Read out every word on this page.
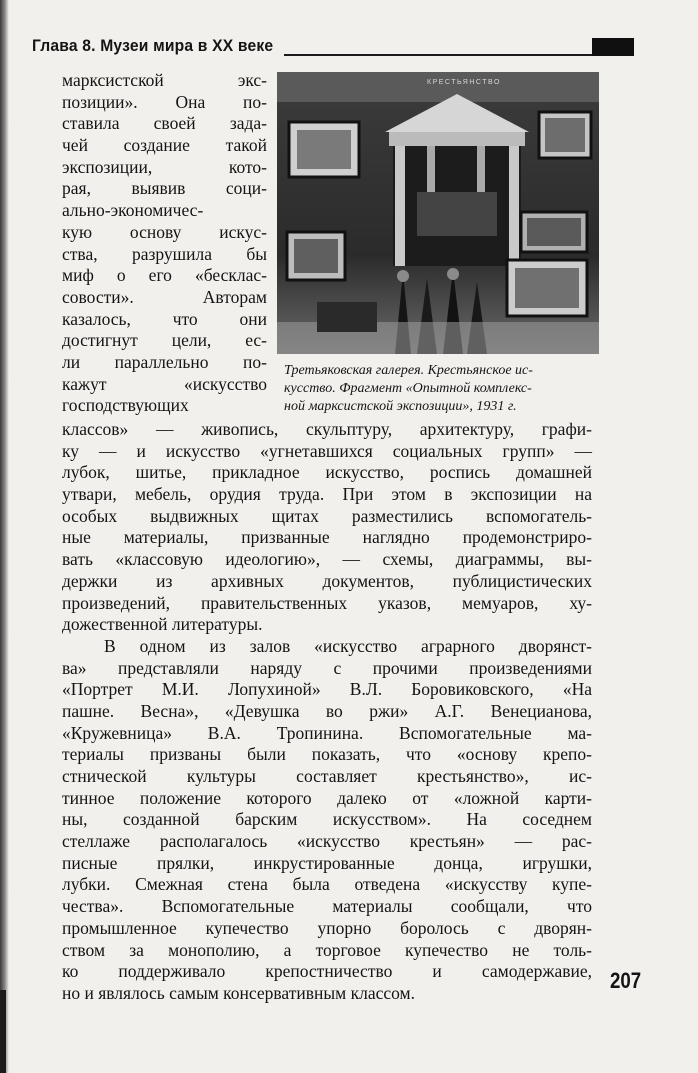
Глава 8. Музеи мира в XX веке
КРЕСТЬЯНСТВО
Третьяковская галерея. Крестьянское ис-
кусство. Фрагмент «Опытной комплекс-
ной марксистской экспозиции», 1931 г.
марксистской экс-
позиции». Она по-
ставила своей зада-
чей создание такой
экспозиции, кото-
рая, выявив соци-
ально-экономичес-
кую основу искус-
ства, разрушила бы
миф о его «бесклас-
совости». Авторам
казалось, что они
достигнут цели, ес-
ли параллельно по-
кажут «искусство
господствующих
классов» — живопись, скульптуру, архитектуру, графи-
ку — и искусство «угнетавшихся социальных групп» —
лубок, шитье, прикладное искусство, роспись домашней
утвари, мебель, орудия труда. При этом в экспозиции на
особых выдвижных щитах разместились вспомогатель-
ные материалы, призванные наглядно продемонстриро-
вать «классовую идеологию», — схемы, диаграммы, вы-
держки из архивных документов, публицистических
произведений, правительственных указов, мемуаров, ху-
дожественной литературы.
В одном из залов «искусство аграрного дворянст-
ва» представляли наряду с прочими произведениями
«Портрет М.И. Лопухиной» В.Л. Боровиковского, «На
пашне. Весна», «Девушка во ржи» А.Г. Венецианова,
«Кружевница» В.А. Тропинина. Вспомогательные ма-
териалы призваны были показать, что «основу крепо-
стнической культуры составляет крестьянство», ис-
тинное положение которого далеко от «ложной карти-
ны, созданной барским искусством». На соседнем
стеллаже располагалось «искусство крестьян» — рас-
писные прялки, инкрустированные донца, игрушки,
лубки. Смежная стена была отведена «искусству купе-
чества». Вспомогательные материалы сообщали, что
промышленное купечество упорно боролось с дворян-
ством за монополию, а торговое купечество не толь-
ко поддерживало крепостничество и самодержавие,
но и являлось самым консервативным классом.	207
